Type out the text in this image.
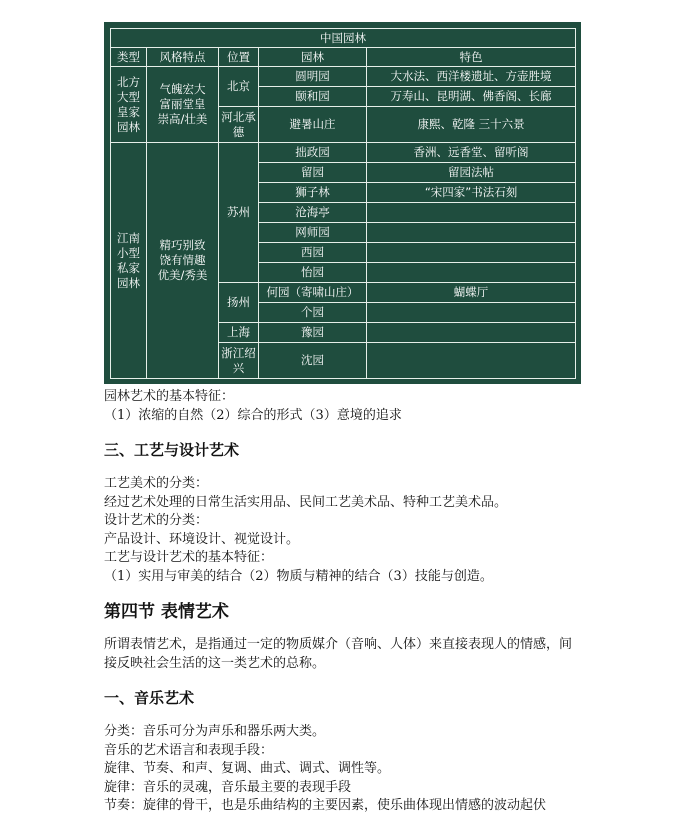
中国园林				
类型	风格特点	位置	园林	特色
北方大型皇家园林	气魄宏大富丽堂皇崇高/壮美	北京	圆明园	大水法、西洋楼遗址、方壶胜境
			颐和园	万寿山、昆明湖、佛香阁、长廊
		河北承德	避暑山庄	康熙、乾隆 三十六景
江南小型私家园林	精巧别致饶有情趣优美/秀美	苏州	拙政园	香洲、远香堂、留听阁
			留园	留园法帖
			狮子林	“宋四家”书法石刻
			沧海亭	
			网师园	
			西园	
			怡园	
		扬州	何园（寄啸山庄）	蝴蝶厅
			个园	
		上海	豫园	
		浙江绍兴	沈园	
园林艺术的基本特征：
（1）浓缩的自然（2）综合的形式（3）意境的追求
三、工艺与设计艺术
工艺美术的分类：
经过艺术处理的日常生活实用品、民间工艺美术品、特种工艺美术品。
设计艺术的分类：
产品设计、环境设计、视觉设计。
工艺与设计艺术的基本特征：
（1）实用与审美的结合（2）物质与精神的结合（3）技能与创造。
第四节 表情艺术
所谓表情艺术，是指通过一定的物质媒介（音响、人体）来直接表现人的情感，间接反映社会生活的这一类艺术的总称。
一、音乐艺术
分类：音乐可分为声乐和器乐两大类。
音乐的艺术语言和表现手段：
旋律、节奏、和声、复调、曲式、调式、调性等。
旋律：音乐的灵魂，音乐最主要的表现手段
节奏：旋律的骨干，也是乐曲结构的主要因素，使乐曲体现出情感的波动起伏
